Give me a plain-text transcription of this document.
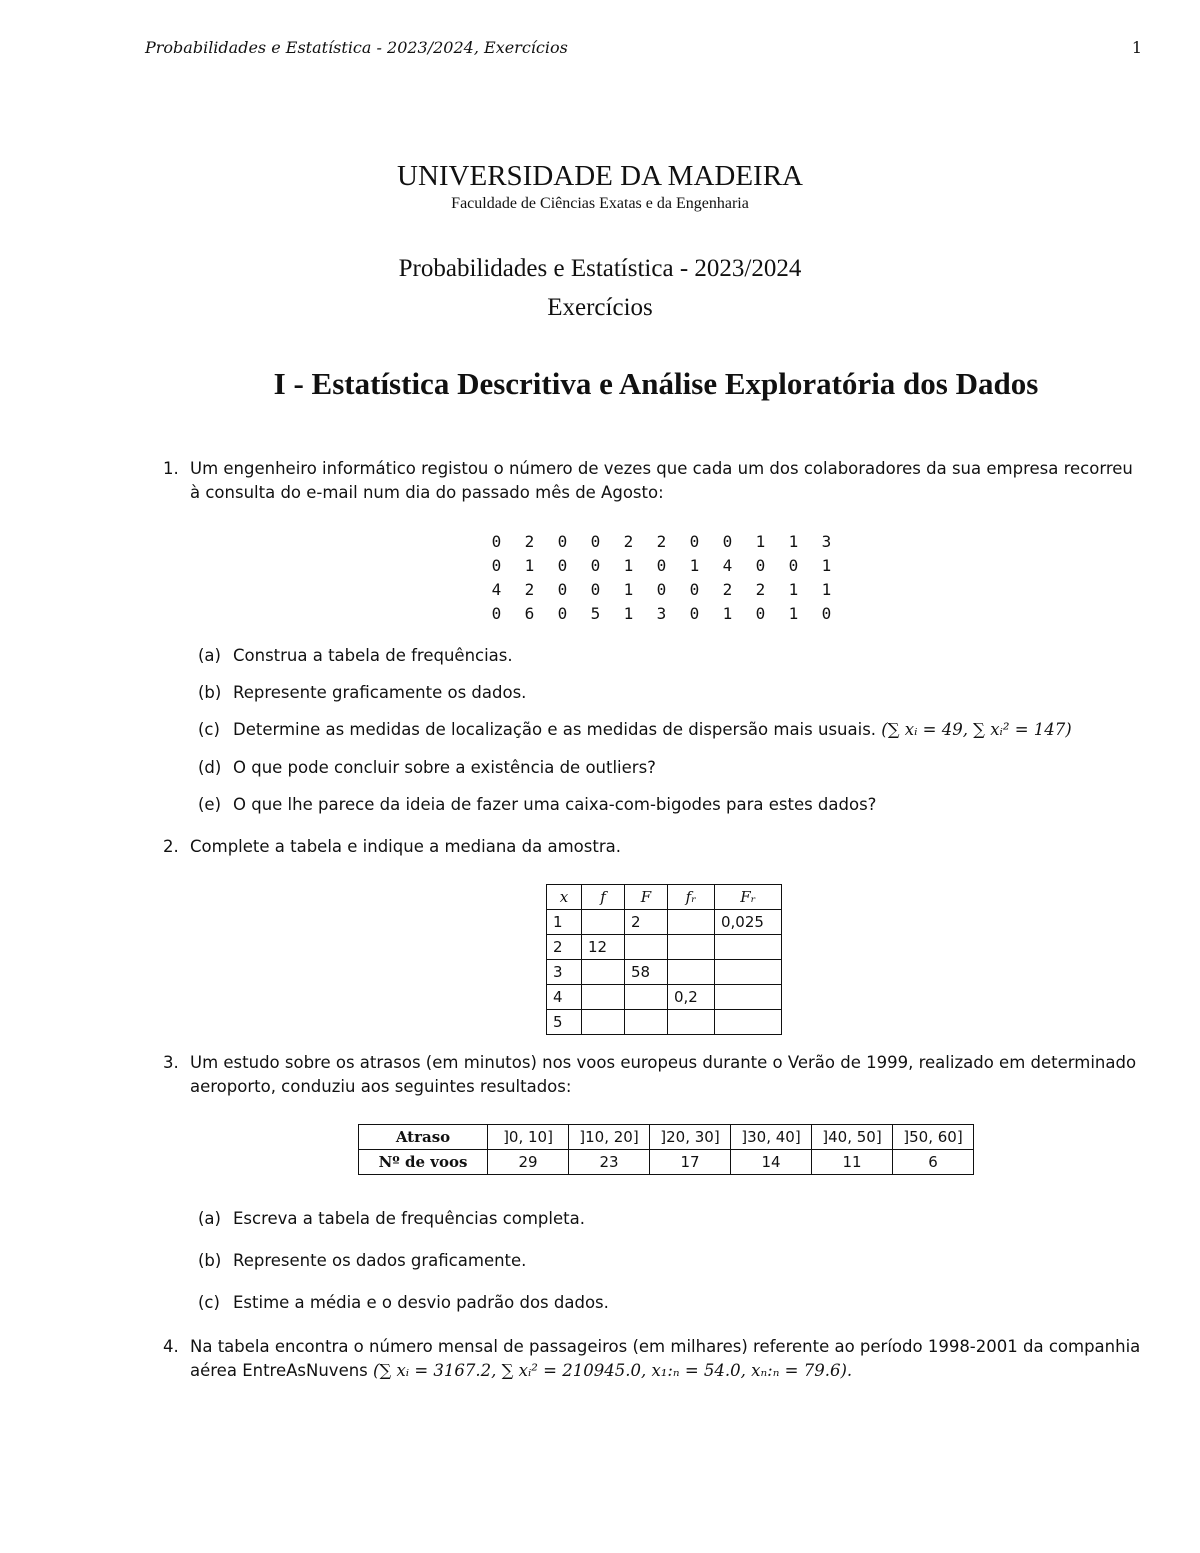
Probabilidades e Estatística - 2023/2024, Exercícios	1
UNIVERSIDADE DA MADEIRA
Faculdade de Ciências Exatas e da Engenharia
Probabilidades e Estatística - 2023/2024
Exercícios
I - Estatística Descritiva e Análise Exploratória dos Dados
1. Um engenheiro informático registou o número de vezes que cada um dos colaboradores da sua empresa recorreu à consulta do e-mail num dia do passado mês de Agosto:
0	2	0	0	2	2	0	0	1	1	3
0	1	0	0	1	0	1	4	0	0	1
4	2	0	0	1	0	0	2	2	1	1
0	6	0	5	1	3	0	1	0	1	0
(a) Construa a tabela de frequências.
(b) Represente graficamente os dados.
(c) Determine as medidas de localização e as medidas de dispersão mais usuais. (∑ xᵢ = 49, ∑ xᵢ² = 147)
(d) O que pode concluir sobre a existência de outliers?
(e) O que lhe parece da ideia de fazer uma caixa-com-bigodes para estes dados?
2. Complete a tabela e indique a mediana da amostra.
x	f	F	fᵣ	Fᵣ
1		2		0,025
2	12			
3		58		
4			0,2	
5				
3. Um estudo sobre os atrasos (em minutos) nos voos europeus durante o Verão de 1999, realizado em determinado aeroporto, conduziu aos seguintes resultados:
Atraso	]0, 10]	]10, 20]	]20, 30]	]30, 40]	]40, 50]	]50, 60]
Nº de voos	29	23	17	14	11	6
(a) Escreva a tabela de frequências completa.
(b) Represente os dados graficamente.
(c) Estime a média e o desvio padrão dos dados.
4. Na tabela encontra o número mensal de passageiros (em milhares) referente ao período 1998-2001 da companhia aérea EntreAsNuvens (∑ xᵢ = 3167.2, ∑ xᵢ² = 210945.0, x₁:ₙ = 54.0, xₙ:ₙ = 79.6).
